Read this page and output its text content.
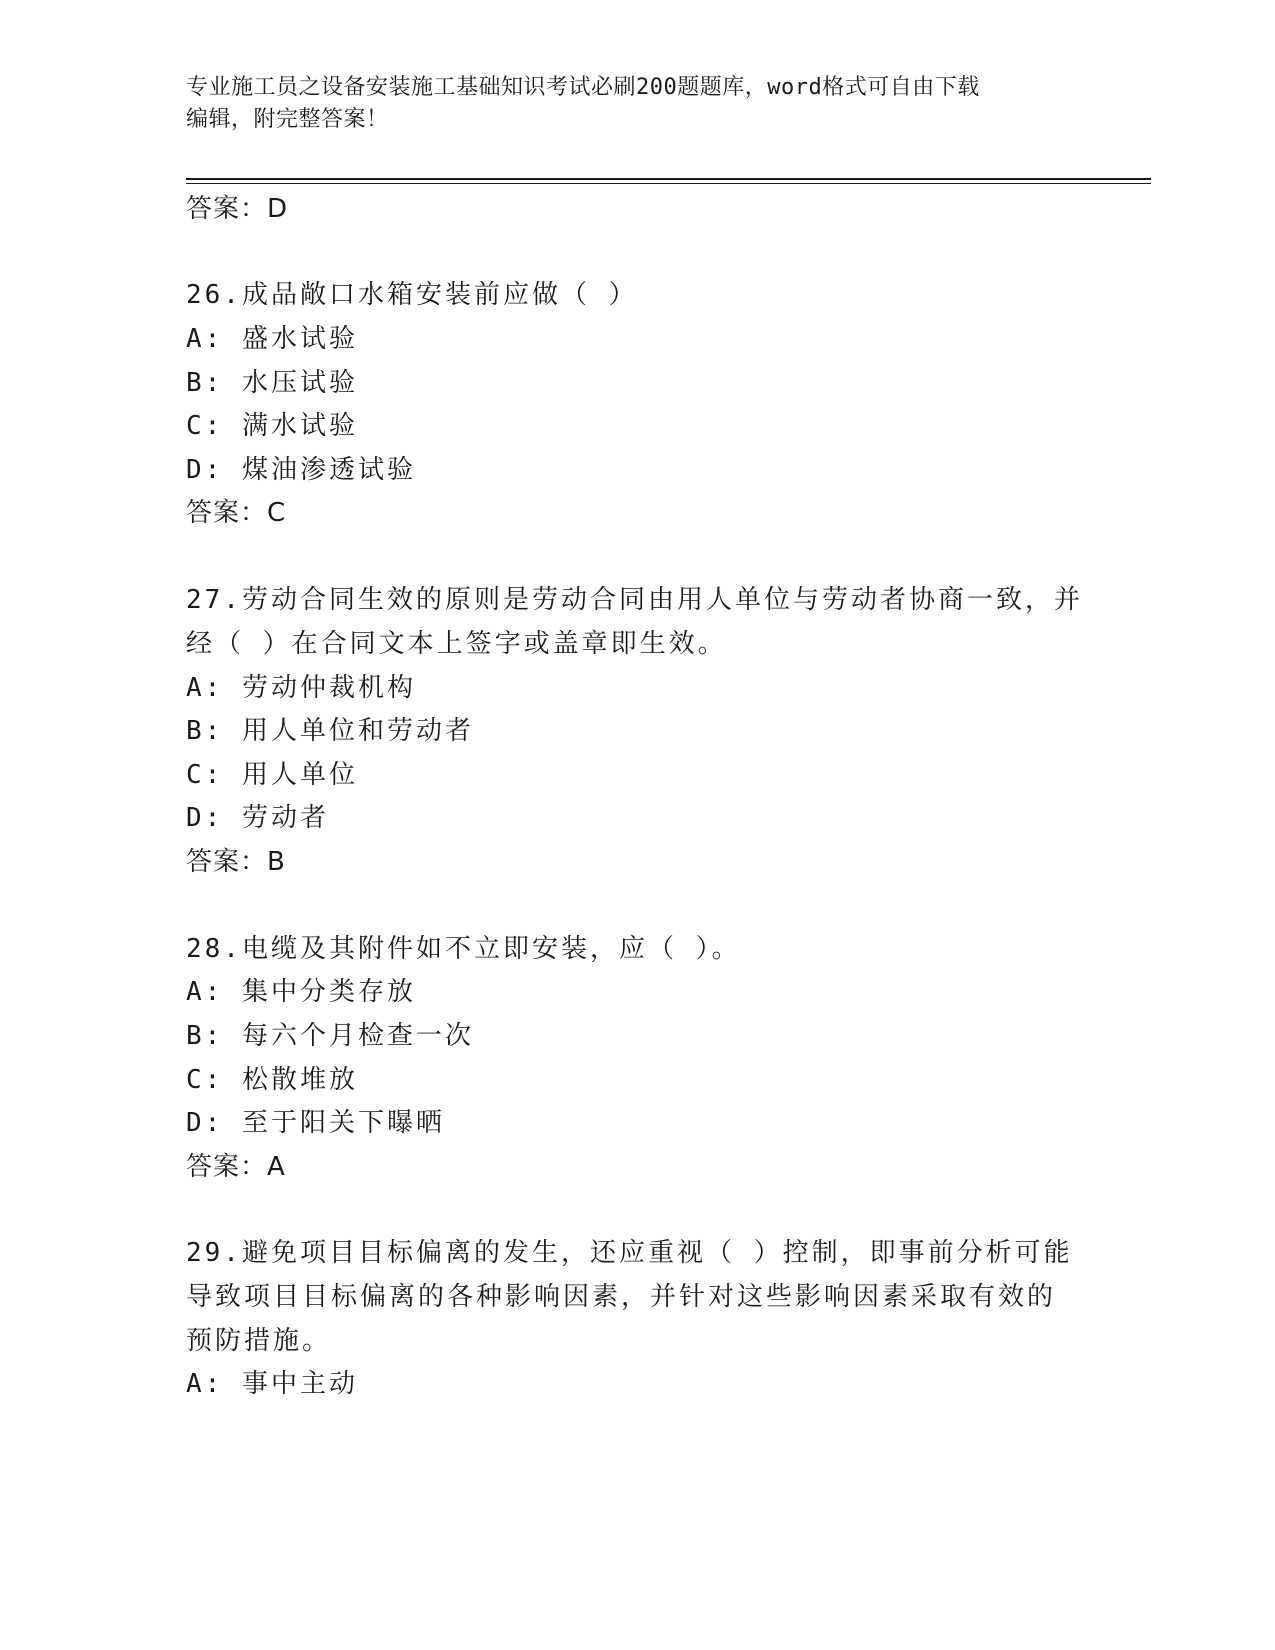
专业施工员之设备安装施工基础知识考试必刷200题题库，word格式可自由下载
编辑，附完整答案！
答案：D
26.成品敞口水箱安装前应做（ ）
A: 盛水试验
B: 水压试验
C: 满水试验
D: 煤油渗透试验
答案：C
27.劳动合同生效的原则是劳动合同由用人单位与劳动者协商一致，并
经（ ）在合同文本上签字或盖章即生效。
A: 劳动仲裁机构
B: 用人单位和劳动者
C: 用人单位
D: 劳动者
答案：B
28.电缆及其附件如不立即安装，应（ ）。
A: 集中分类存放
B: 每六个月检查一次
C: 松散堆放
D: 至于阳关下曝晒
答案：A
29.避免项目目标偏离的发生，还应重视（ ）控制，即事前分析可能
导致项目目标偏离的各种影响因素，并针对这些影响因素采取有效的
预防措施。
A: 事中主动
